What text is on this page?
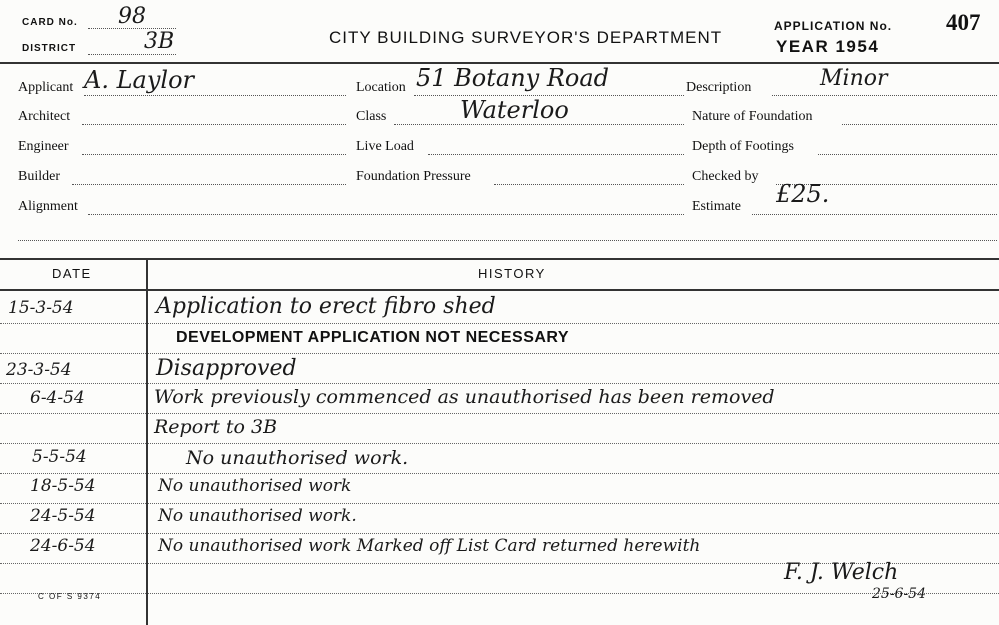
CARD No. 98
DISTRICT	3B	CITY BUILDING SURVEYOR'S DEPARTMENT
APPLICATION No. 407
YEAR 1954
Applicant A. Laylor	Location 51 Botany Road	Description	Minor
Architect	Class	Waterloo	Nature of Foundation
Engineer	Live Load	Depth of Footings
Builder	Foundation Pressure	Checked by
Alignment	Estimate £25.
DATE	HISTORY
15-3-54	Application to erect fibro shed
DEVELOPMENT APPLICATION NOT NECESSARY
23-3-54	Disapproved
6-4-54	Work previously commenced as unauthorised has been removed
Report to 3B
5-5-54	No unauthorised work.
18-5-54	No unauthorised work
24-5-54	No unauthorised work.
24-6-54	No unauthorised work Marked off List Card returned herewith
F. J. Welch
25-6-54
C OF S 9374
